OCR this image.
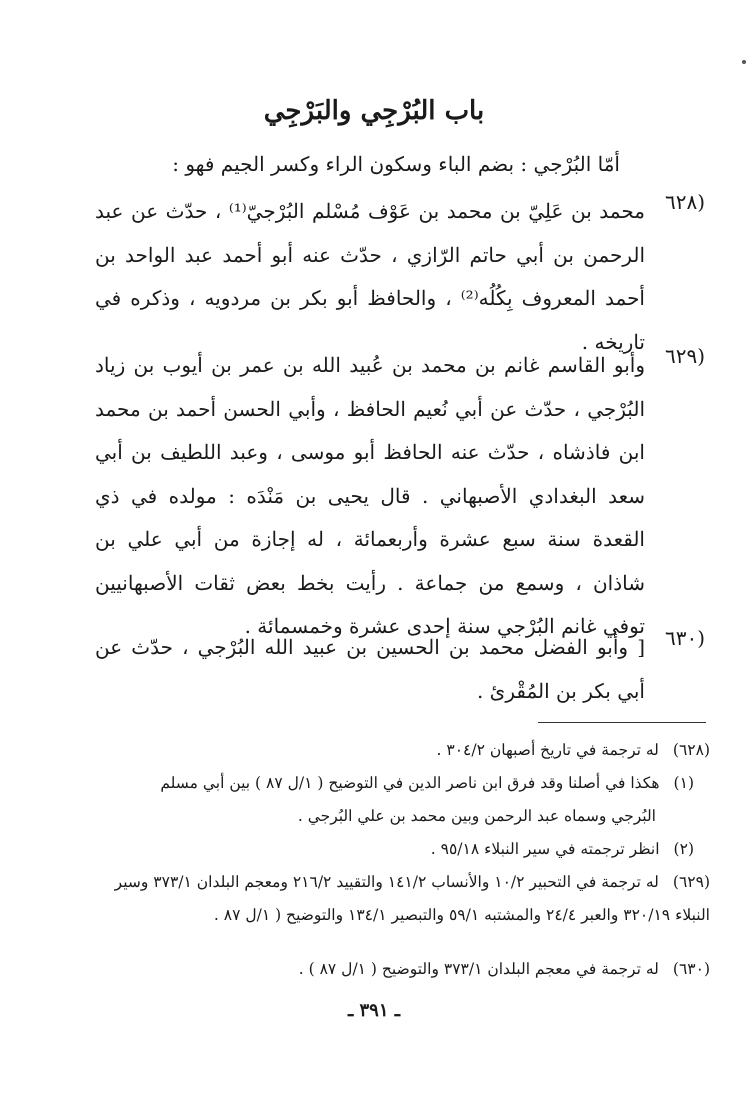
باب البُرْجِي والبَرْجِي
أمّا البُرْجي : بضم الباء وسكون الراء وكسر الجيم فهو :
(٦٢٨
محمد بن عَلِيّ بن محمد بن عَوْف مُسْلم البُرْجيّ⁽¹⁾ ، حدّث عن عبد الرحمن بن أبي حاتم الرّازي ، حدّث عنه أبو أحمد عبد الواحد بن أحمد المعروف بِكُلُه⁽²⁾ ، والحافظ أبو بكر بن مردويه ، وذكره في تاريخه .
(٦٢٩
وأبو القاسم غانم بن محمد بن عُبيد الله بن عمر بن أيوب بن زياد البُرْجي ، حدّث عن أبي نُعيم الحافظ ، وأبي الحسن أحمد بن محمد ابن فاذشاه ، حدّث عنه الحافظ أبو موسى ، وعبد اللطيف بن أبي سعد البغدادي الأصبهاني . قال يحيى بن مَنْدَه : مولده في ذي القعدة سنة سبع عشرة وأربعمائة ، له إجازة من أبي علي بن شاذان ، وسمع من جماعة . رأيت بخط بعض ثقات الأصبهانيين توفي غانم البُرْجي سنة إحدى عشرة وخمسمائة . (٦٣٠
[ وأبو الفضل محمد بن الحسين بن عبيد الله البُرْجي ، حدّث عن أبي بكر بن المُقْرئ .
(٦٢٨)له ترجمة في تاريخ أصبهان ٣٠٤/٢ .
(١)هكذا في أصلنا وقد فرق ابن ناصر الدين في التوضيح ( ١/ل ٨٧ ) بين أبي مسلم
البُرجي وسماه عبد الرحمن وبين محمد بن علي البُرجي .
(٢)انظر ترجمته في سير النبلاء ٩٥/١٨ .
(٦٢٩)له ترجمة في التحبير ١٠/٢ والأنساب ١٤١/٢ والتقييد ٢١٦/٢ ومعجم البلدان ٣٧٣/١ وسير النبلاء ٣٢٠/١٩ والعبر ٢٤/٤ والمشتبه ٥٩/١ والتبصير ١٣٤/١ والتوضيح ( ١/ل ٨٧ .
(٦٣٠)له ترجمة في معجم البلدان ٣٧٣/١ والتوضيح ( ١/ل ٨٧ ) .
ـ ٣٩١ ـ
